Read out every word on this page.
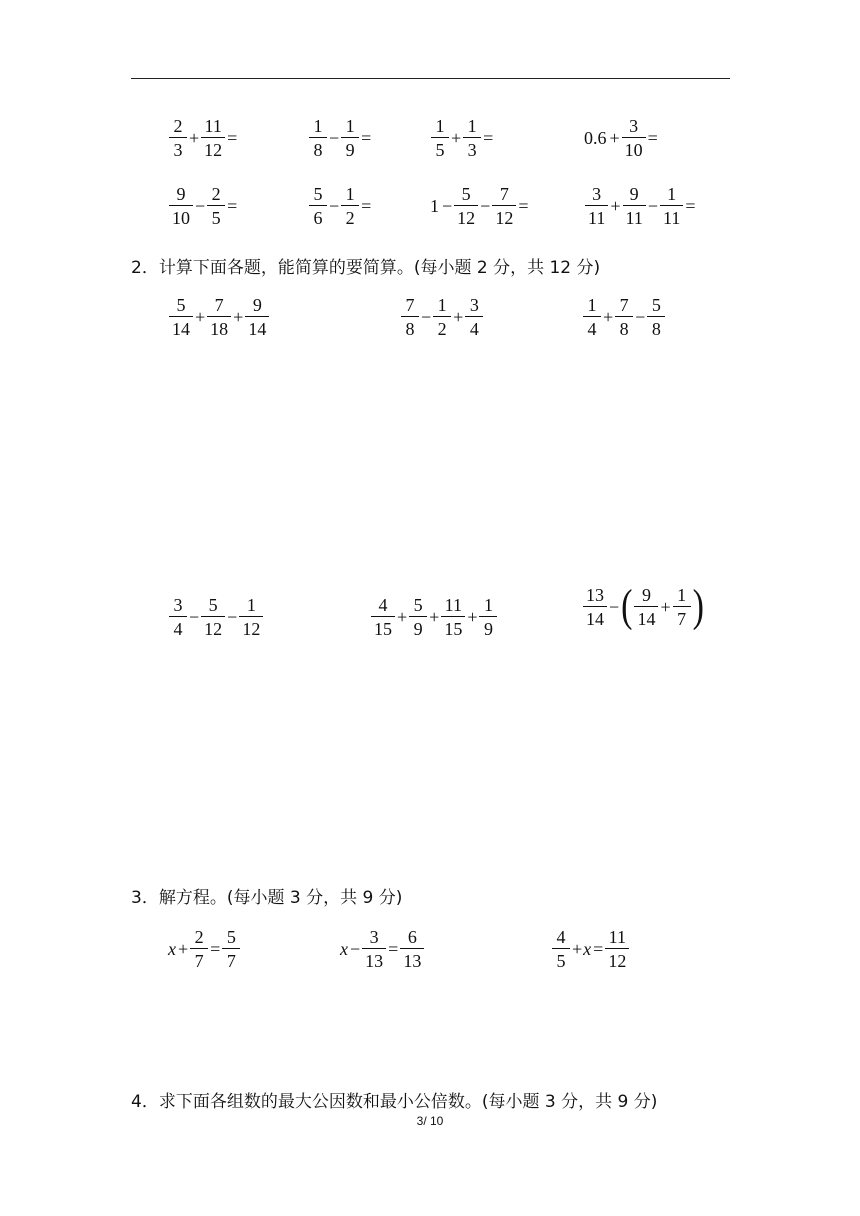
$\frac{2}{3} + \frac{11}{12}$ =	$\frac{1}{8} - \frac{1}{9}$ =	$\frac{1}{5} + \frac{1}{3}$ =	$0.6 + \frac{3}{10}$ =
$\frac{9}{10} - \frac{2}{5}$ =	$\frac{5}{6} - \frac{1}{2}$ =	$1 - \frac{5}{12} - \frac{7}{12}$ =	$\frac{3}{11} + \frac{9}{11} - \frac{1}{11}$ =
2．计算下面各题，能简算的要简算。(每小题 2 分，共 12 分)
$\frac{5}{14} + \frac{7}{18} + \frac{9}{14}$	$\frac{7}{8} - \frac{1}{2} + \frac{3}{4}$	$\frac{1}{4} + \frac{7}{8} - \frac{5}{8}$
$\frac{3}{4} - \frac{5}{12} - \frac{1}{12}$	$\frac{4}{15} + \frac{5}{9} + \frac{11}{15} + \frac{1}{9}$	$\frac{13}{14}$ − ( $\frac{9}{14} + \frac{1}{7}$ )
3．解方程。(每小题 3 分，共 9 分)
$x + \frac{2}{7} = \frac{5}{7}$	$x - \frac{3}{13} = \frac{6}{13}$	$\frac{4}{5} + x = \frac{11}{12}$
4．求下面各组数的最大公因数和最小公倍数。(每小题 3 分，共 9 分)
3/ 10
